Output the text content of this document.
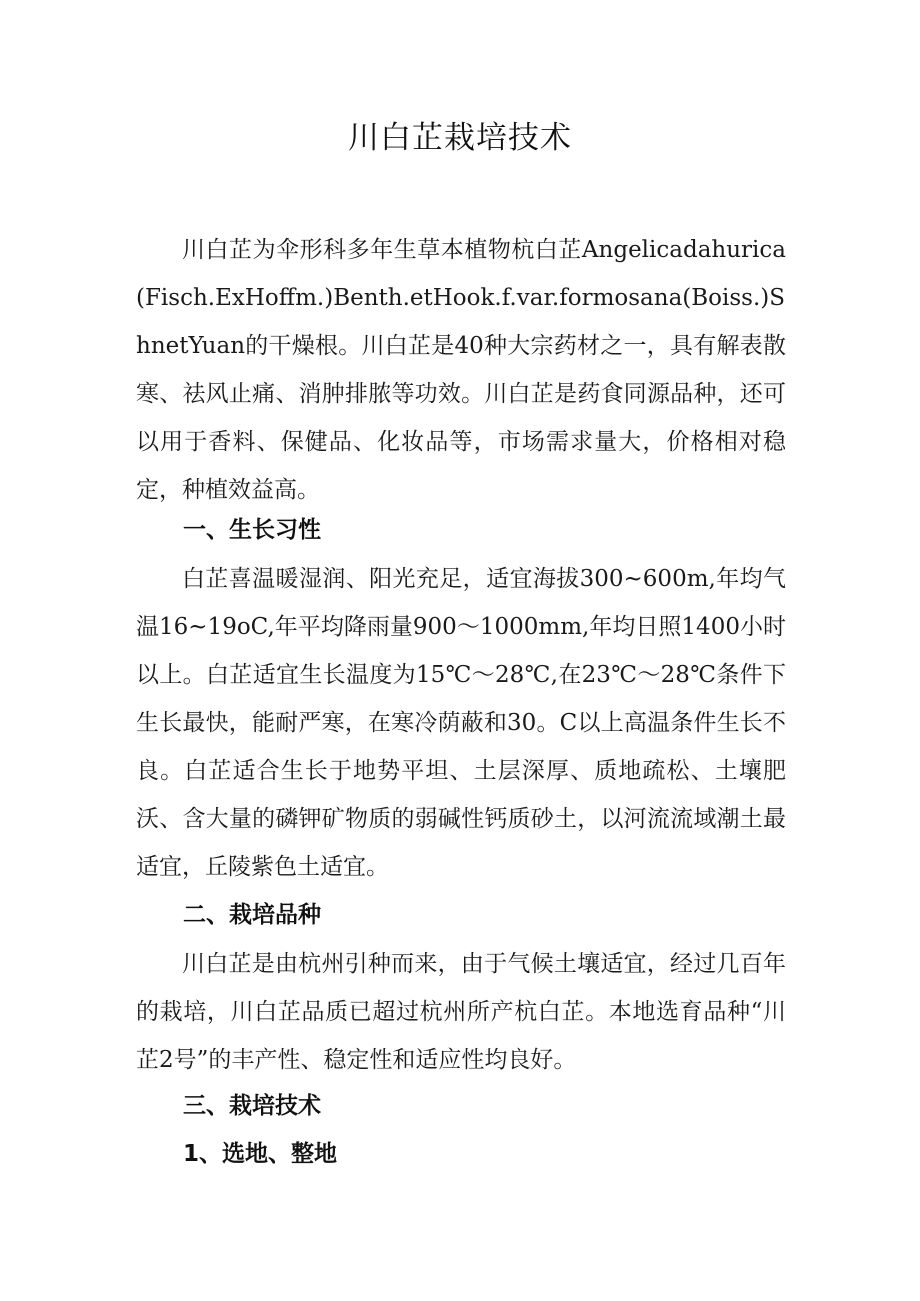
川白芷栽培技术

川白芷为伞形科多年生草本植物杭白芷Angelicadahurica(Fisch.ExHoffm.)Benth.etHook.f.var.formosana(Boiss.)ShnetYuan的干燥根。川白芷是40种大宗药材之一，具有解表散寒、祛风止痛、消肿排脓等功效。川白芷是药食同源品种，还可以用于香料、保健品、化妆品等，市场需求量大，价格相对稳定，种植效益高。

一、生长习性

白芷喜温暖湿润、阳光充足，适宜海拔300~600m,年均气温16~19oC,年平均降雨量900～1000mm,年均日照1400小时以上。白芷适宜生长温度为15℃～28℃,在23℃～28℃条件下生长最快，能耐严寒，在寒冷荫蔽和30。C以上高温条件生长不良。白芷适合生长于地势平坦、土层深厚、质地疏松、土壤肥沃、含大量的磷钾矿物质的弱碱性钙质砂土，以河流流域潮土最适宜，丘陵紫色土适宜。

二、栽培品种

川白芷是由杭州引种而来，由于气候土壤适宜，经过几百年的栽培，川白芷品质已超过杭州所产杭白芷。本地选育品种“川芷2号”的丰产性、稳定性和适应性均良好。

三、栽培技术
1、选地、整地
